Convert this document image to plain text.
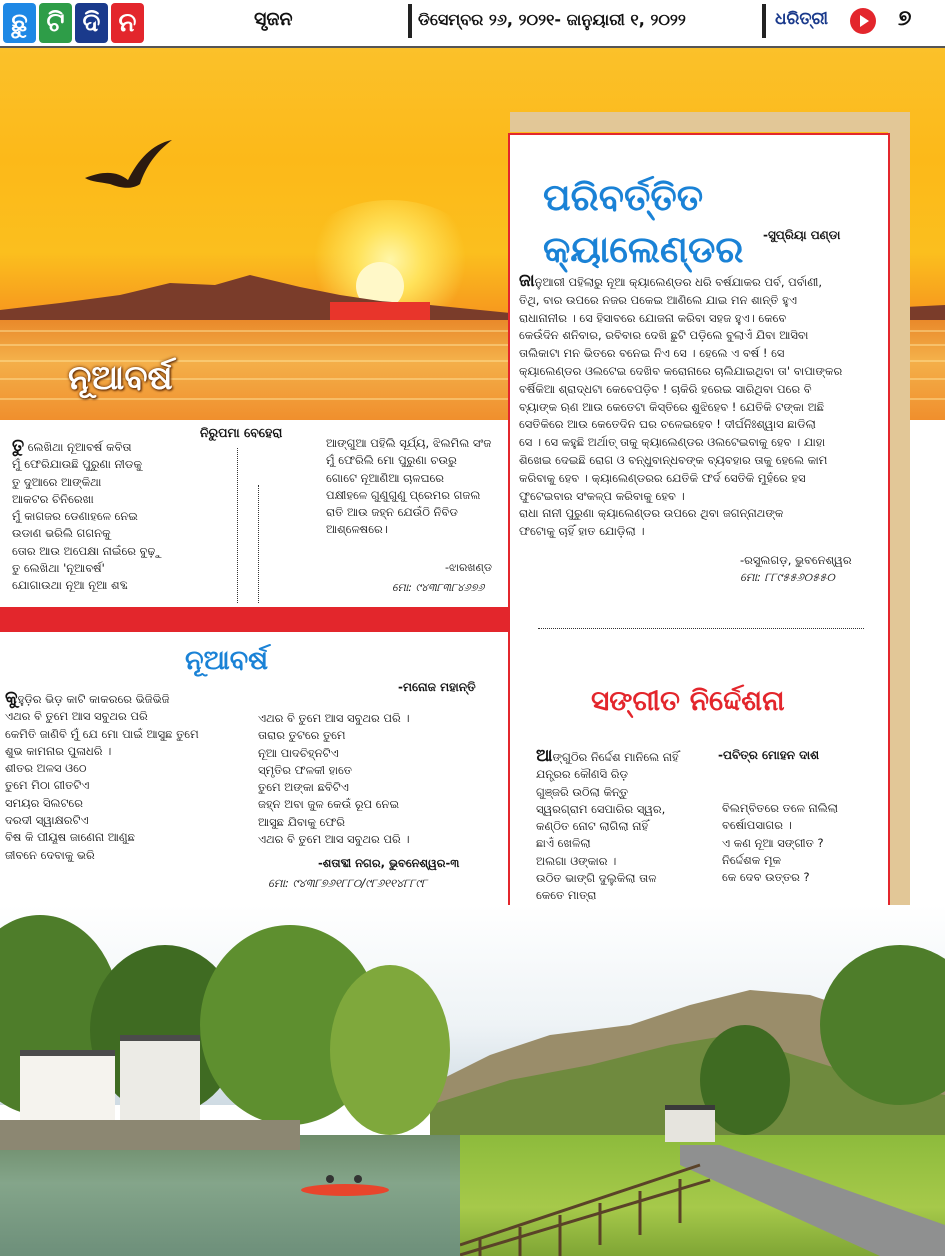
ଛୁ ଟି ଦି ନ	ସୃଜନ	ଡିସେମ୍ବର ୨୬, ୨୦୨୧- ଜାନୁୟାରୀ ୧, ୨୦୨୨	ଧରିତ୍ରୀ	୭
ନୂଆବର୍ଷ
ନିରୁପମା ବେହେରା
ତୁ ଲେଖିଥା ନୂଆବର୍ଷ କବିତା
ମୁଁ ଫେରିଯାଉଛି ପୁରୁଣା ନୀଡକୁ
ତୁ ଦୁଆରେ ଆଙ୍କିଥା
ଆକଟର ଚିନିରେଖା
ମୁଁ କାଗଜର ଡେଣାହଳେ ନେଇ
ଉଡାଣ ଭରିଲି ଗଗନକୁ
ତୋର ଆଉ ଅପେକ୍ଷା ନାଇଁରେ ବୁଢ଼ୁ
ତୁ ଲେଖିଥା 'ନୂଆବର୍ଷ'
ଯୋଗାଉଥା ନୂଆ ନୂଆ ଶବ୍ଦ
ଆଙ୍ଗୁଆ ପହିଲି ସୂର୍ଯ୍ୟ, ଝିଲମିଲ ସଂଜ
ମୁଁ ଫେରିଲି ମୋ ପୁରୁଣା ଚଉରୁ
ଗୋଟେ ନୂଆଣିଆ ଚାଳଘରେ
ପକ୍ଷୀହଳେ ଗୁଣୁଗୁଣୁ ପ୍ରେମର ଗଜଲ
ରାତି ଆଉ ଜହ୍ନ ଯେଉଁଠି ନିବିଡ
ଆଶ୍ଳେଷରେ।
-ଝାରଖଣ୍ଡ
ମୋ: ୯୪୩୮୩୮୪୬୭୬
ପରିବର୍ତ୍ତିତ
କ୍ୟାଲେଣ୍ଡର -ସୁପ୍ରିୟା ପଣ୍ଡା
ଜାନୁଆରୀ ପହିଲାରୁ ନୂଆ କ୍ୟାଲେଣ୍ଡର ଧରି ବର୍ଷଯାକର ପର୍ବ, ପର୍ବାଣୀ,
ତିଥି, ବାର ଉପରେ ନଜର ପକେଇ ଆଣିଲେ ଯାଇ ମନ ଶାନ୍ତି ହୁଏ
ରାଧାନାନୀର । ସେ ହିସାବରେ ଯୋଜନା କରିବା ସହଜ ହୁଏ। କେବେ
କେଉଁଦିନ ଶନିବାର, ରବିବାର ଦେଖି ଛୁଟି ପଡ଼ିଲେ ବୁଲାଏଁ ଯିବା ଆସିବା
ତାଲିକାଟା ମନ ଭିତରେ ବନେଇ ନିଏ ସେ । ହେଲେ ଏ ବର୍ଷ ! ସେ
କ୍ୟାଲେଣ୍ଡର ଓଲଟେଇ ଦେଖିବ କରୋନାରେ ଚାଲିଯାଇଥିବା ତା' ବାପାଙ୍କର
ବର୍ଷିକିଆ ଶ୍ରାଦ୍ଧଟା କେବେପଡ଼ିବ ! ଚାକିରି ହରେଇ ସାରିଥିବା ପରେ ବି
ବ୍ୟାଙ୍କ ଋଣ ଆଉ କେତେଟା କିସ୍ତିରେ ଶୁଝିହେବ ! ଯେତିକି ଟଙ୍କା ଅଛି
ସେତିକିରେ ଆଉ କେତେଦିନ ଘର ଚଳେଇହେବ ! ଦୀର୍ଘନିଃଶ୍ୱାସ ଛାଡିଲା
ସେ । ସେ କହୁଛି ଅର୍ଥାତ୍ ତାକୁ କ୍ୟାଲେଣ୍ଡର ଓଲଟେଇବାକୁ ହେବ । ଯାହା
ଶିଖେଇ ଦେଇଛି ରୋଗ ଓ ବନ୍ଧୁବାନ୍ଧବଙ୍କ ବ୍ୟବହାର ତାକୁ ହେଲେ କାମ
କରିବାକୁ ହେବ । କ୍ୟାଲେଣ୍ଡରର ଯେତିକି ଫର୍ଦ ସେତିକି ମୁହଁରେ ହସ
ଫୁଟେଇବାର ସଂକଳ୍ପ କରିବାକୁ ହେବ ।
ରାଧା ନାନୀ ପୁରୁଣା କ୍ୟାଲେଣ୍ଡର ଉପରେ ଥିବା ଜଗନ୍ନାଥଙ୍କ
ଫଟୋକୁ ଚାହିଁ ହାତ ଯୋଡ଼ିଲା ।
-ରସୁଲଗଡ଼, ଭୁବନେଶ୍ୱର
ମୋ: ୮୮୯୫୫୬୦୫୫୦
ସଙ୍ଗୀତ ନିର୍ଦ୍ଦେଶନା
-ପବିତ୍ର ମୋହନ ଦାଶ
ଆଙ୍ଗୁଠିର ନିର୍ଦ୍ଦେଶ ମାନିଲେ ନାହିଁ
ଯନ୍ତ୍ରର କୌଣସି ରିଡ଼
ଗୁଞ୍ଜରି ଉଠିଲା କିନ୍ତୁ
ସ୍ୱରଗ୍ରାମ ସେପାରିର ସ୍ୱର,
କଣ୍ଠିତ ନୋଟ ଲାଗିଲା ନାହିଁ
ଛାଏଁ ଖେଳିଲା
ଅଲଗା ଓଙ୍କାର ।
ଉଠିତ ଭାଙ୍ଗି ଦୁଲୁକିଲା ତାଳ
କେତେ ମାତ୍ରା
ବିଲମ୍ବିତରେ ତଳେ ନାଲିଲା
ବର୍ଷୋପସାଗର ।
ଏ କଣ ନୂଆ ସଙ୍ଗୀତ ?
ନିର୍ଦ୍ଦେଶକ ମୂକ
କେ ଦେବ ଉତ୍ତର ?
ନୂଆବର୍ଷ
-ମନୋଜ ମହାନ୍ତି
କୁହୁଡ଼ିର ଭିଡ଼ କାଟି କାକରରେ ଭିଜିଭିଜି
ଏଥର ବି ତୁମେ ଆସ ସବୁଥର ପରି
କେମିତି ଜାଣିବି ମୁଁ ଯେ ମୋ ପାଇଁ ଆସୁଛ ତୁମେ
ଶୁଭ କାମନାର ପୁଳାଧରି ।
ଶୀତର ଅଳସ ଓଠେ
ତୁମେ ମିଠା ଗୀତଟିଏ
ସମୟର ସିଲଟରେ
ଦରଦୀ ସ୍ୱାକ୍ଷରଟିଏ
ବିଷ କି ପୀୟୂଷ ଜାଣେନା ଆଣୁଛ
ଜୀବନେ ଦେବାକୁ ଭରି
ଏଥର ବି ତୁମେ ଆସ ସବୁଥର ପରି ।
ତାରାର ତୁଟରେ ତୁମେ
ନୂଆ ପାଦଚିହ୍ନଟିଏ
ସ୍ମୃତିର ଫଳକୀ ହାତେ
ତୁମେ ଅଙ୍କା ଛବିଟିଏ
ଜହ୍ନ ଅବା ଜୁଳ କେଉଁ ରୂପ ନେଇ
ଆସୁଛ ଯିବାକୁ ଫେରି
ଏଥର ବି ତୁମେ ଆସ ସବୁଥର ପରି ।
-ଶତାବ୍ଦୀ ନଗର, ଭୁବନେଶ୍ୱର-୩
ମୋ: ୯୪୩୮୭୬୧୮୮୦/୯୮୬୧୧୪୮୮୯୮
